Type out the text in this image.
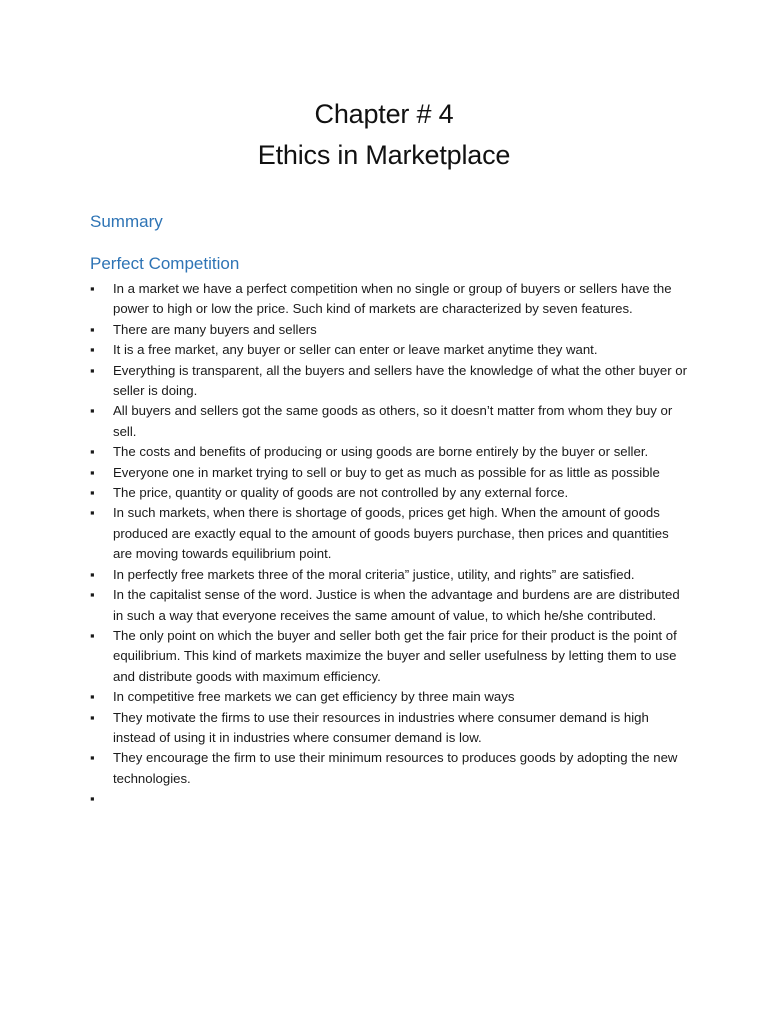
Chapter # 4
Ethics in Marketplace
Summary
Perfect Competition
▪	In a market we have a perfect competition when no single or group of buyers or sellers have the power to high or low the price. Such kind of markets are characterized by seven features.
▪	There are many buyers and sellers
▪	It is a free market, any buyer or seller can enter or leave market anytime they want.
▪	Everything is transparent, all the buyers and sellers have the knowledge of what the other buyer or seller is doing.
▪	All buyers and sellers got the same goods as others, so it doesn’t matter from whom they buy or sell.
▪	The costs and benefits of producing or using goods are borne entirely by the buyer or seller.
▪	Everyone one in market trying to sell or buy to get as much as possible for as little as possible
▪	The price, quantity or quality of goods are not controlled by any external force.
▪	In such markets, when there is shortage of goods, prices get high. When the amount of goods produced are exactly equal to the amount of goods buyers purchase, then prices and quantities are moving towards equilibrium point.
▪	In perfectly free markets three of the moral criteria” justice, utility, and rights” are satisfied.
▪	In the capitalist sense of the word. Justice is when the advantage and burdens are are distributed in such a way that everyone receives the same amount of value, to which he/she contributed.
▪	The only point on which the buyer and seller both get the fair price for their product is the point of equilibrium. This kind of markets maximize the buyer and seller usefulness by letting them to use and distribute goods with maximum efficiency.
▪	In competitive free markets we can get efficiency by three main ways
▪	They motivate the firms to use their resources in industries where consumer demand is high instead of using it in industries where consumer demand is low.
▪	They encourage the firm to use their minimum resources to produces goods by adopting the new technologies.
▪
